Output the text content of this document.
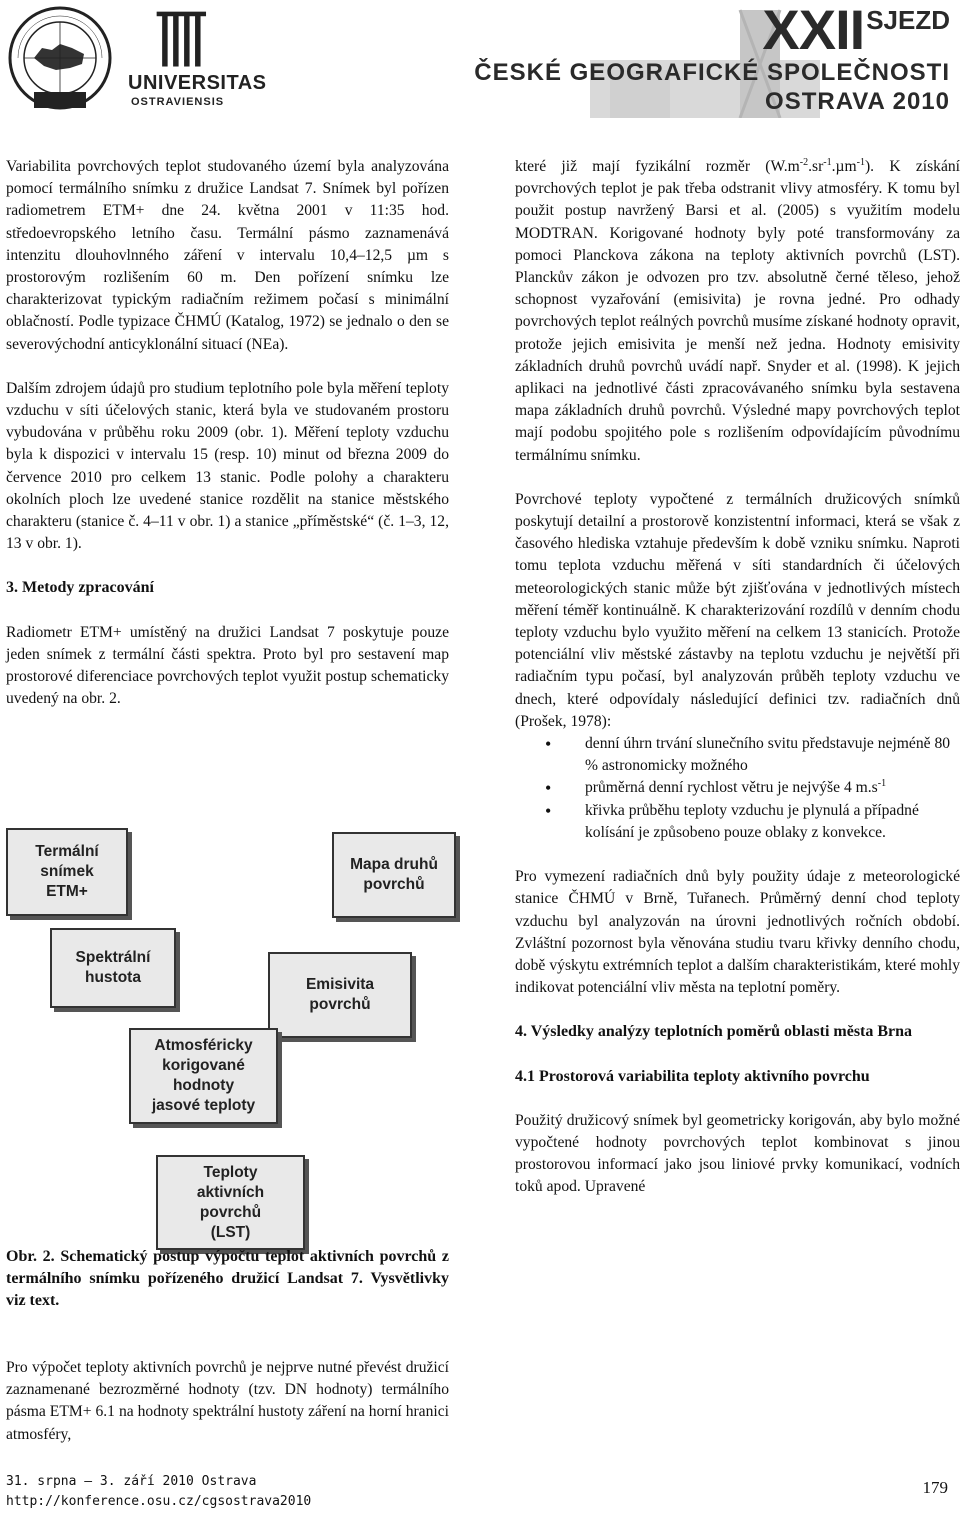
UNIVERSITAS
OSTRAVIENSIS
XXIISJEZD
ČESKÉ GEOGRAFICKÉ SPOLEČNOSTI
OSTRAVA 2010

Variabilita povrchových teplot studovaného území byla analyzována pomocí termálního snímku z družice Landsat 7. Snímek byl pořízen radiometrem ETM+ dne 24. května 2001 v 11:35 hod. středoevropského letního času. Termální pásmo zaznamenává intenzitu dlouhovlnného záření v intervalu 10,4–12,5 µm s prostorovým rozlišením 60 m. Den pořízení snímku lze charakterizovat typickým radiačním režimem počasí s minimální oblačností. Podle typizace ČHMÚ (Katalog, 1972) se jednalo o den se severovýchodní anticyklonální situací (NEa).

Dalším zdrojem údajů pro studium teplotního pole byla měření teploty vzduchu v síti účelových stanic, která byla ve studovaném prostoru vybudována v průběhu roku 2009 (obr. 1). Měření teploty vzduchu byla k dispozici v intervalu 15 (resp. 10) minut od března 2009 do července 2010 pro celkem 13 stanic. Podle polohy a charakteru okolních ploch lze uvedené stanice rozdělit na stanice městského charakteru (stanice č. 4–11 v obr. 1) a stanice „příměstské“ (č. 1–3, 12, 13 v obr. 1).

3. Metody zpracování

Radiometr ETM+ umístěný na družici Landsat 7 poskytuje pouze jeden snímek z termální části spektra. Proto byl pro sestavení map prostorové diferenciace povrchových teplot využit postup schematicky uvedený na obr. 2.

Termální
snímek
ETM+
Spektrální
hustota
Mapa druhů
povrchů
Emisivita
povrchů
Atmosféricky
korigované
hodnoty
jasové teploty
Teploty
aktivních
povrchů
(LST)
Obr. 2. Schematický postup výpočtu teplot aktivních povrchů z termálního snímku pořízeného družicí Landsat 7. Vysvětlivky viz text.
Pro výpočet teploty aktivních povrchů je nejprve nutné převést družicí zaznamenané bezrozměrné hodnoty (tzv. DN hodnoty) termálního pásma ETM+ 6.1 na hodnoty spektrální hustoty záření na horní hranici atmosféry,

které již mají fyzikální rozměr $(W.m^{-2}.sr^{-1}.\mu m^{-1})$. K získání povrchových teplot je pak třeba odstranit vlivy atmosféry. K tomu byl použit postup navržený Barsi et al. (2005) s využitím modelu MODTRAN. Korigované hodnoty byly poté transformovány za pomoci Planckova zákona na teploty aktivních povrchů (LST). Planckův zákon je odvozen pro tzv. absolutně černé těleso, jehož schopnost vyzařování (emisivita) je rovna jedné. Pro odhady povrchových teplot reálných povrchů musíme získané hodnoty opravit, protože jejich emisivita je menší než jedna. Hodnoty emisivity základních druhů povrchů uvádí např. Snyder et al. (1998). K jejich aplikaci na jednotlivé části zpracovávaného snímku byla sestavena mapa základních druhů povrchů. Výsledné mapy povrchových teplot mají podobu spojitého pole s rozlišením odpovídajícím původnímu termálnímu snímku.

Povrchové teploty vypočtené z termálních družicových snímků poskytují detailní a prostorově konzistentní informaci, která se však z časového hlediska vztahuje především k době vzniku snímku. Naproti tomu teplota vzduchu měřená v síti standardních či účelových meteorologických stanic může být zjišťována v jednotlivých místech měření téměř kontinuálně. K charakterizování rozdílů v denním chodu teploty vzduchu bylo využito měření na celkem 13 stanicích. Protože potenciální vliv městské zástavby na teplotu vzduchu je největší při radiačním typu počasí, byl analyzován průběh teploty vzduchu ve dnech, které odpovídaly následující definici tzv. radiačních dnů (Prošek, 1978):

• denní úhrn trvání slunečního svitu představuje nejméně 80 % astronomicky možného
• průměrná denní rychlost větru je nejvýše 4 $m.s^{-1}$
• křivka průběhu teploty vzduchu je plynulá a případné kolísání je způsobeno pouze oblaky z konvekce.

Pro vymezení radiačních dnů byly použity údaje z meteorologické stanice ČHMÚ v Brně, Tuřanech. Průměrný denní chod teploty vzduchu byl analyzován na úrovni jednotlivých ročních období. Zvláštní pozornost byla věnována studiu tvaru křivky denního chodu, době výskytu extrémních teplot a dalším charakteristikám, které mohly indikovat potenciální vliv města na teplotní poměry.

4. Výsledky analýzy teplotních poměrů oblasti města Brna
4.1 Prostorová variabilita teploty aktivního povrchu

Použitý družicový snímek byl geometricky korigován, aby bylo možné vypočtené hodnoty povrchových teplot kombinovat s jinou prostorovou informací jako jsou liniové prvky komunikací, vodních toků apod. Upravené

31. srpna – 3. září 2010 Ostrava
http://konference.osu.cz/cgsostrava2010
179
